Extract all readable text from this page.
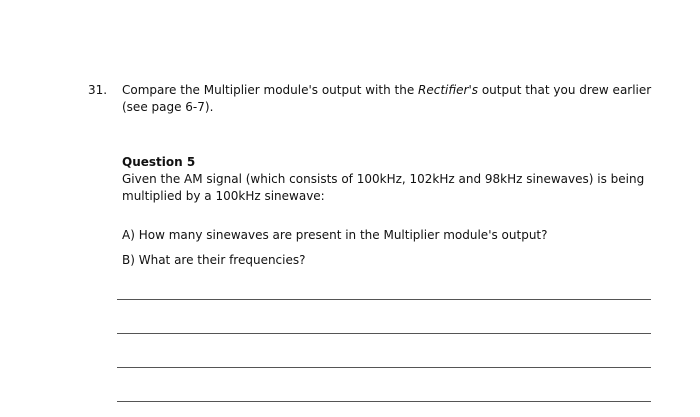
31. Compare the Multiplier module's output with the Rectifier's output that you drew earlier
(see page 6-7).
Question 5
Given the AM signal (which consists of 100kHz, 102kHz and 98kHz sinewaves) is being
multiplied by a 100kHz sinewave:
A) How many sinewaves are present in the Multiplier module's output?
B) What are their frequencies?
